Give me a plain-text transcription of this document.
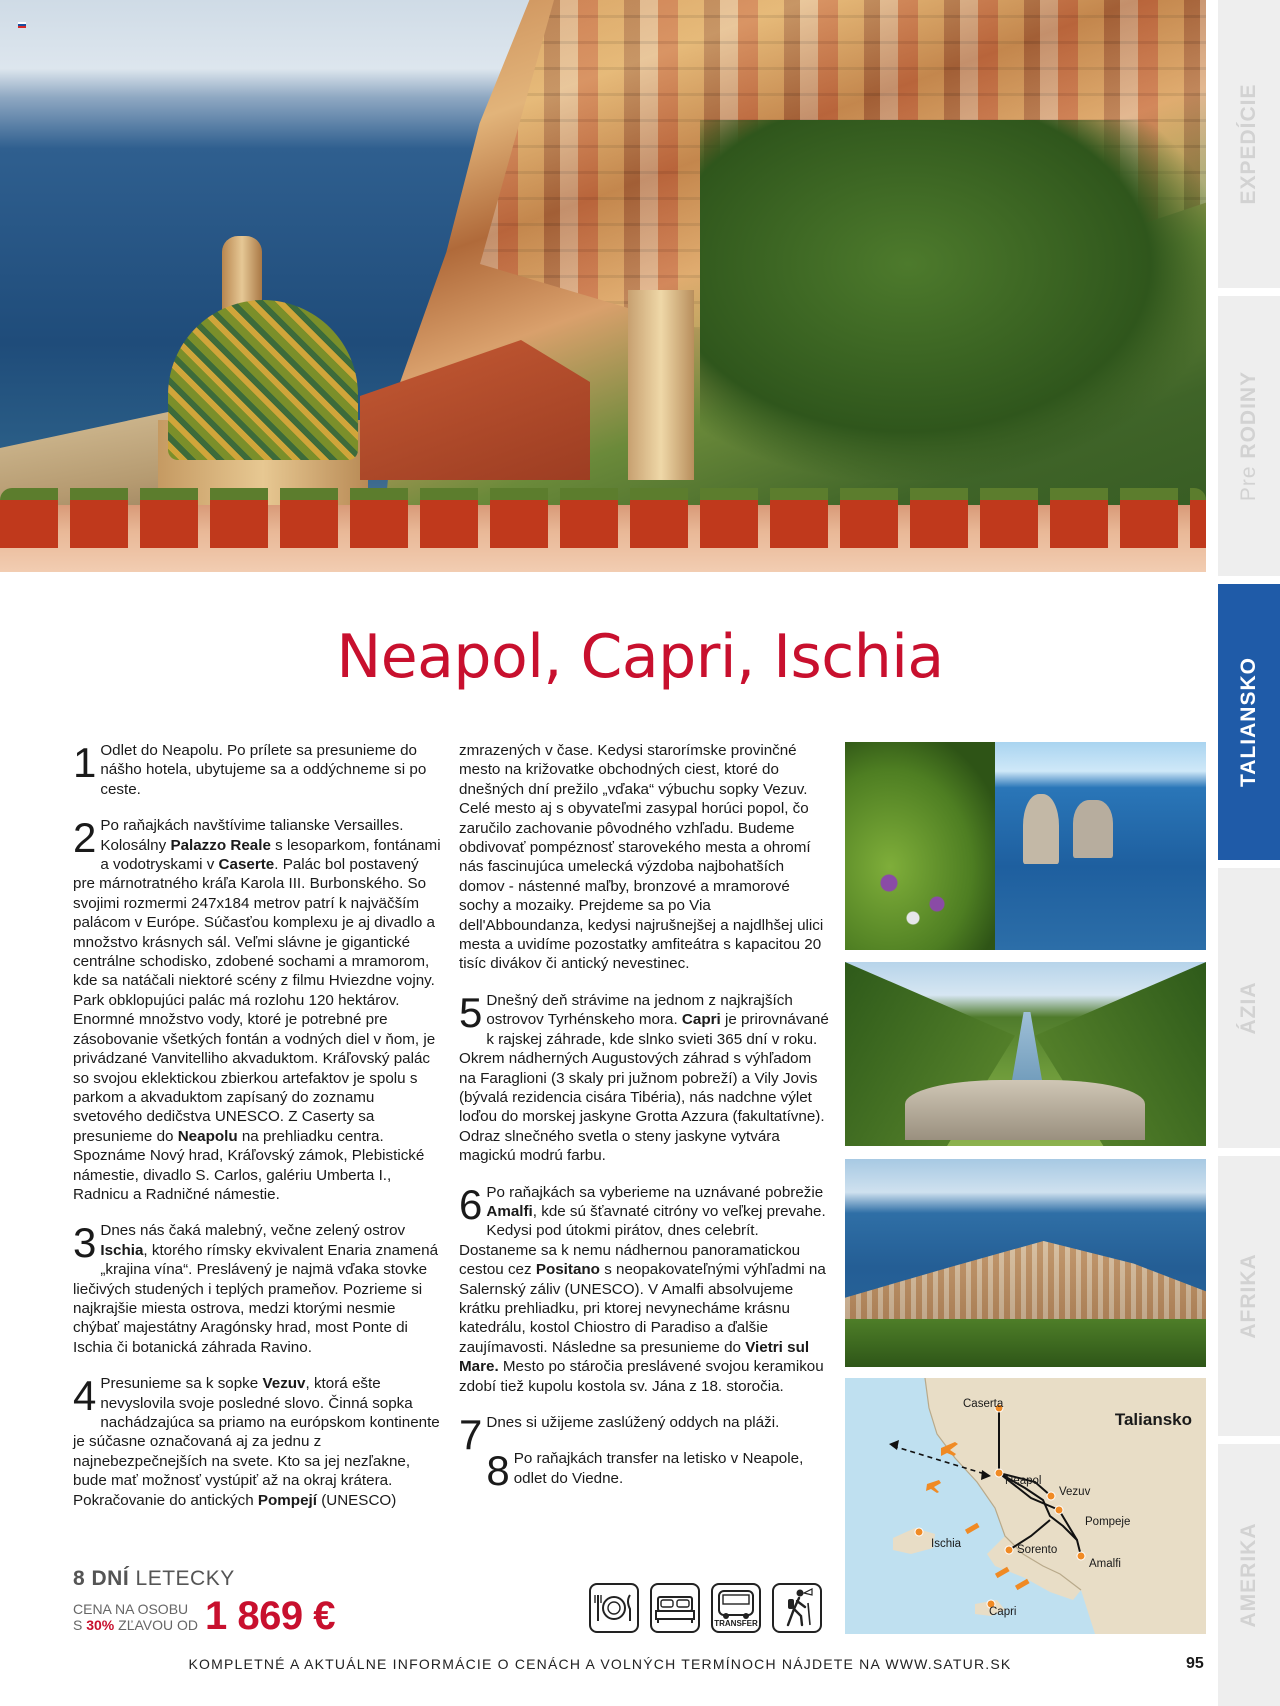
EXPEDÍCIE
Pre RODINY
TALIANSKO
ÁZIA
AFRIKA
AMERIKA
Neapol, Capri, Ischia
1 Odlet do Neapolu. Po prílete sa presunieme do nášho hotela, ubytujeme sa a oddýchneme si po ceste.

2 Po raňajkách navštívime talianske Versailles. Kolosálny Palazzo Reale s lesoparkom, fontánami a vodotryskami v Caserte. Palác bol postavený pre márnotratného kráľa Karola III. Burbonského. So svojimi rozmermi 247x184 metrov patrí k najväčším palácom v Európe. Súčasťou komplexu je aj divadlo a množstvo krásnych sál. Veľmi slávne je gigantické centrálne schodisko, zdobené sochami a mramorom, kde sa natáčali niektoré scény z filmu Hviezdne vojny. Park obklopujúci palác má rozlohu 120 hektárov. Enormné množstvo vody, ktoré je potrebné pre zásobovanie všetkých fontán a vodných diel v ňom, je privádzané Vanvitelliho akvaduktom. Kráľovský palác so svojou eklektickou zbierkou artefaktov je spolu s parkom a akvaduktom zapísaný do zoznamu svetového dedičstva UNESCO. Z Caserty sa presunieme do Neapolu na prehliadku centra. Spoznáme Nový hrad, Kráľovský zámok, Plebistické námestie, divadlo S. Carlos, galériu Umberta I., Radnicu a Radničné námestie.

3 Dnes nás čaká malebný, večne zelený ostrov Ischia, ktorého rímsky ekvivalent Enaria znamená „krajina vína“. Preslávený je najmä vďaka stovke liečivých studených i teplých prameňov. Pozrieme si najkrajšie miesta ostrova, medzi ktorými nesmie chýbať majestátny Aragónsky hrad, most Ponte di Ischia či botanická záhrada Ravino.

4 Presunieme sa k sopke Vezuv, ktorá ešte nevyslovila svoje posledné slovo. Činná sopka nachádzajúca sa priamo na európskom kontinente je súčasne označovaná aj za jednu z najnebezpečnejších na svete. Kto sa jej nezľakne, bude mať možnosť vystúpiť až na okraj krátera. Pokračovanie do antických Pompejí (UNESCO)

zmrazených v čase. Kedysi starorímske provinčné mesto na križovatke obchodných ciest, ktoré do dnešných dní prežilo „vďaka“ výbuchu sopky Vezuv. Celé mesto aj s obyvateľmi zasypal horúci popol, čo zaručilo zachovanie pôvodného vzhľadu. Budeme obdivovať pompéznosť starovekého mesta a ohromí nás fascinujúca umelecká výzdoba najbohatších domov - nástenné maľby, bronzové a mramorové sochy a mozaiky. Prejdeme sa po Via dell'Abboundanza, kedysi najrušnejšej a najdlhšej ulici mesta a uvidíme pozostatky amfiteátra s kapacitou 20 tisíc divákov či antický nevestinec.

5 Dnešný deň strávime na jednom z najkrajších ostrovov Tyrhénskeho mora. Capri je prirovnávané k rajskej záhrade, kde slnko svieti 365 dní v roku. Okrem nádherných Augustových záhrad s výhľadom na Faraglioni (3 skaly pri južnom pobreží) a Vily Jovis (bývalá rezidencia cisára Tibéria), nás nadchne výlet loďou do morskej jaskyne Grotta Azzura (fakultatívne). Odraz slnečného svetla o steny jaskyne vytvára magickú modrú farbu.

6 Po raňajkách sa vyberieme na uznávané pobrežie Amalfi, kde sú šťavnaté citróny vo veľkej prevahe. Kedysi pod útokmi pirátov, dnes celebrít. Dostaneme sa k nemu nádhernou panoramatickou cestou cez Positano s neopakovateľnými výhľadmi na Salernský záliv (UNESCO). V Amalfi absolvujeme krátku prehliadku, pri ktorej nevynecháme krásnu katedrálu, kostol Chiostro di Paradiso a ďalšie zaujímavosti. Následne sa presunieme do Vietri sul Mare. Mesto po stáročia preslávené svojou keramikou zdobí tiež kupolu kostola sv. Jána z 18. storočia.

7 Dnes si užijeme zaslúžený oddych na pláži.

8 Po raňajkách transfer na letisko v Neapole, odlet do Viedne.

Taliansko
Caserta
Neapol
Vezuv
Pompeje
Ischia	Sorento
Amalfi
Capri
8 DNÍ LETECKY
CENA NA OSOBU
S 30% ZĽAVOU OD 1 869 €	TRANSFER
KOMPLETNÉ A AKTUÁLNE INFORMÁCIE O CENÁCH A VOLNÝCH TERMÍNOCH NÁJDETE NA WWW.SATUR.SK	95
